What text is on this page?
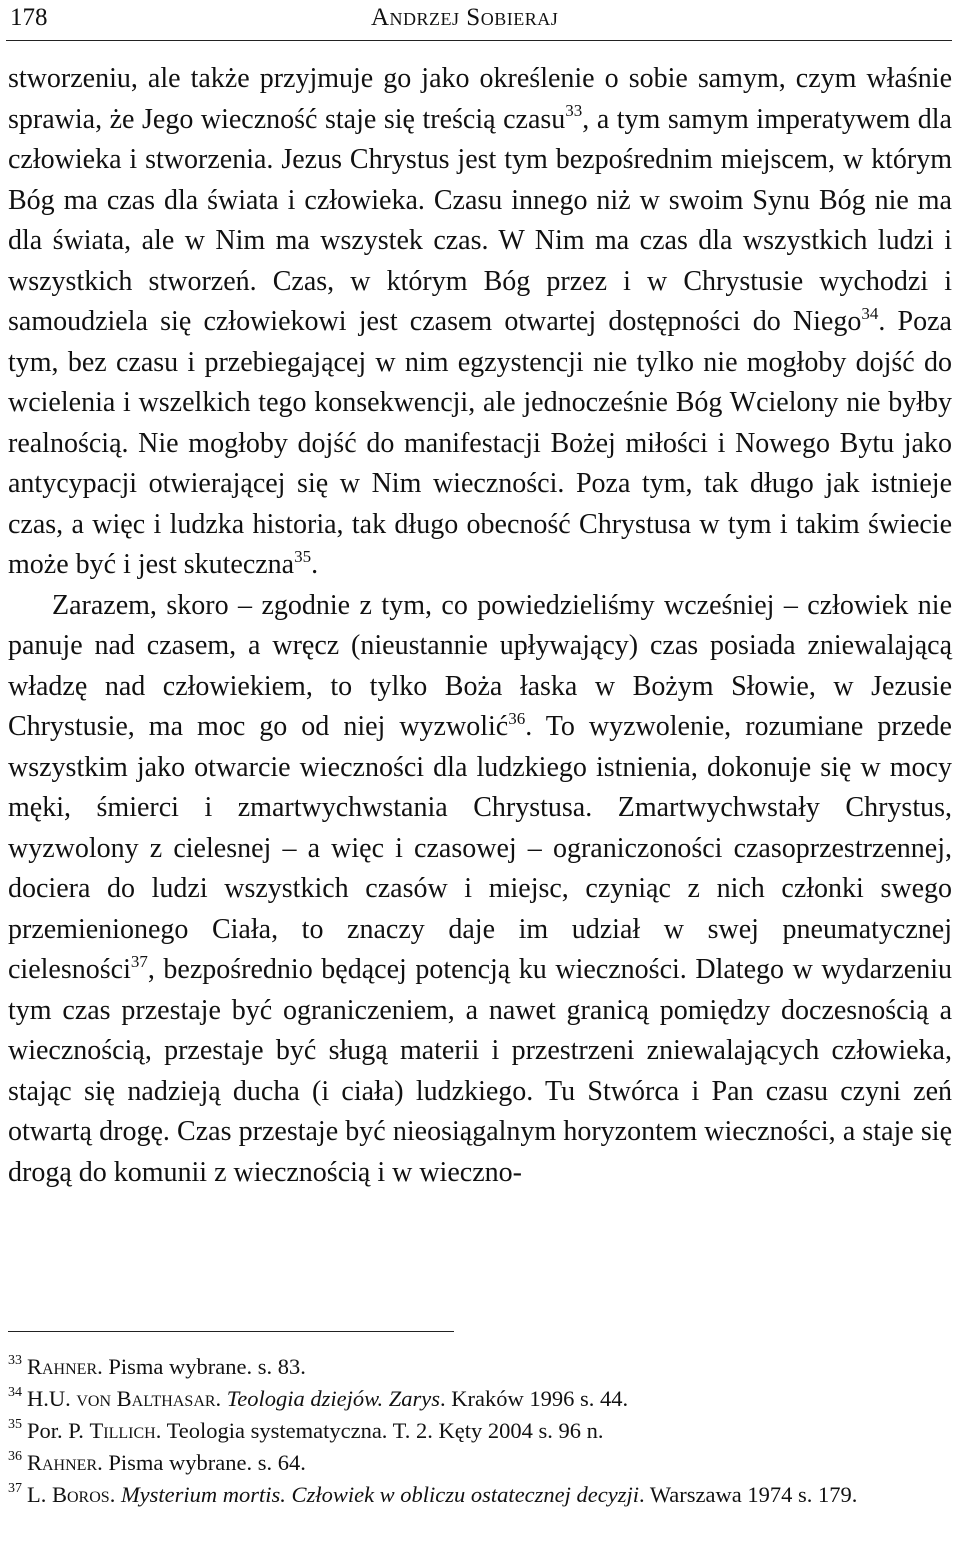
178	Andrzej Sobieraj

stworzeniu, ale także przyjmuje go jako określenie o sobie samym, czym właśnie sprawia, że Jego wieczność staje się treścią czasu$^{33}$, a tym samym imperatywem dla człowieka i stworzenia. Jezus Chrystus jest tym bezpośrednim miejscem, w którym Bóg ma czas dla świata i człowieka. Czasu innego niż w swoim Synu Bóg nie ma dla świata, ale w Nim ma wszystek czas. W Nim ma czas dla wszystkich ludzi i wszystkich stworzeń. Czas, w którym Bóg przez i w Chrystusie wychodzi i samoudziela się człowiekowi jest czasem otwartej dostępności do Niego$^{34}$. Poza tym, bez czasu i przebiegającej w nim egzystencji nie tylko nie mogłoby dojść do wcielenia i wszelkich tego konsekwencji, ale jednocześnie Bóg Wcielony nie byłby realnością. Nie mogłoby dojść do manifestacji Bożej miłości i Nowego Bytu jako antycypacji otwierającej się w Nim wieczności. Poza tym, tak długo jak istnieje czas, a więc i ludzka historia, tak długo obecność Chrystusa w tym i takim świecie może być i jest skuteczna$^{35}$.

Zarazem, skoro – zgodnie z tym, co powiedzieliśmy wcześniej – człowiek nie panuje nad czasem, a wręcz (nieustannie upływający) czas posiada zniewalającą władzę nad człowiekiem, to tylko Boża łaska w Bożym Słowie, w Jezusie Chrystusie, ma moc go od niej wyzwolić$^{36}$. To wyzwolenie, rozumiane przede wszystkim jako otwarcie wieczności dla ludzkiego istnienia, dokonuje się w mocy męki, śmierci i zmartwychwstania Chrystusa. Zmartwychwstały Chrystus, wyzwolony z cielesnej – a więc i czasowej – ograniczoności czasoprzestrzennej, dociera do ludzi wszystkich czasów i miejsc, czyniąc z nich członki swego przemienionego Ciała, to znaczy daje im udział w swej pneumatycznej cielesności$^{37}$, bezpośrednio będącej potencją ku wieczności. Dlatego w wydarzeniu tym czas przestaje być ograniczeniem, a nawet granicą pomiędzy doczesnością a wiecznością, przestaje być sługą materii i przestrzeni zniewalających człowieka, stając się nadzieją ducha (i ciała) ludzkiego. Tu Stwórca i Pan czasu czyni zeń otwartą drogę. Czas przestaje być nieosiągalnym horyzontem wieczności, a staje się drogą do komunii z wiecznością i w wieczno-

$^{33}$ Rahner. Pisma wybrane. s. 83.
$^{34}$ H.U. von Balthasar. Teologia dziejów. Zarys. Kraków 1996 s. 44.
$^{35}$ Por. P. Tillich. Teologia systematyczna. T. 2. Kęty 2004 s. 96 n.
$^{36}$ Rahner. Pisma wybrane. s. 64.
$^{37}$ L. Boros. Mysterium mortis. Człowiek w obliczu ostatecznej decyzji. Warszawa 1974 s. 179.
